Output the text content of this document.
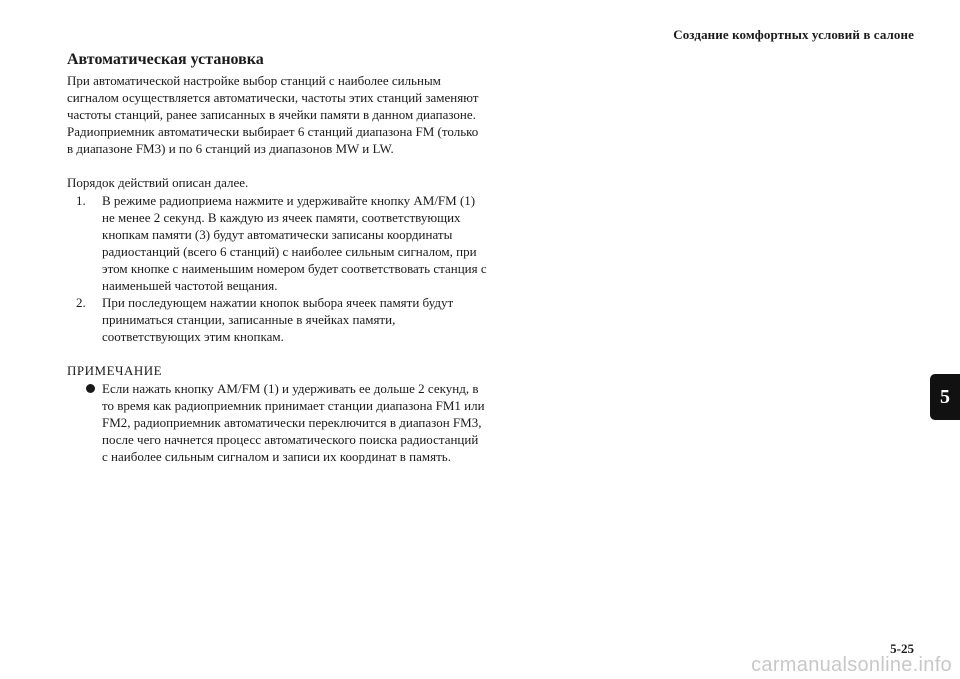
Создание комфортных условий в салоне
5
Автоматическая установка

При автоматической настройке выбор станций с наиболее сильным сигналом осуществляется автоматически, частоты этих станций заменяют частоты станций, ранее записанных в ячейки памяти в данном диапазоне. Радиоприемник автоматически выбирает 6 станций диапазона FM (только в диапазоне FM3) и по 6 станций из диапазонов MW и LW.

Порядок действий описан далее.

1. В режиме радиоприема нажмите и удерживайте кнопку AM/FM (1) не менее 2 секунд. В каждую из ячеек памяти, соответствующих кнопкам памяти (3) будут автоматически записаны координаты радиостанций (всего 6 станций) с наиболее сильным сигналом, при этом кнопке с наименьшим номером будет соответствовать станция с наименьшей частотой вещания.
2. При последующем нажатии кнопок выбора ячеек памяти будут приниматься станции, записанные в ячейках памяти, соответствующих этим кнопкам.
ПРИМЕЧАНИЕ
Если нажать кнопку AM/FM (1) и удерживать ее дольше 2 секунд, в то время как радиоприемник принимает станции диапазона FM1 или FM2, радиоприемник автоматически переключится в диапазон FM3, после чего начнется процесс автоматического поиска радиостанций с наиболее сильным сигналом и записи их координат в память.
5-25
carmanualsonline.info
